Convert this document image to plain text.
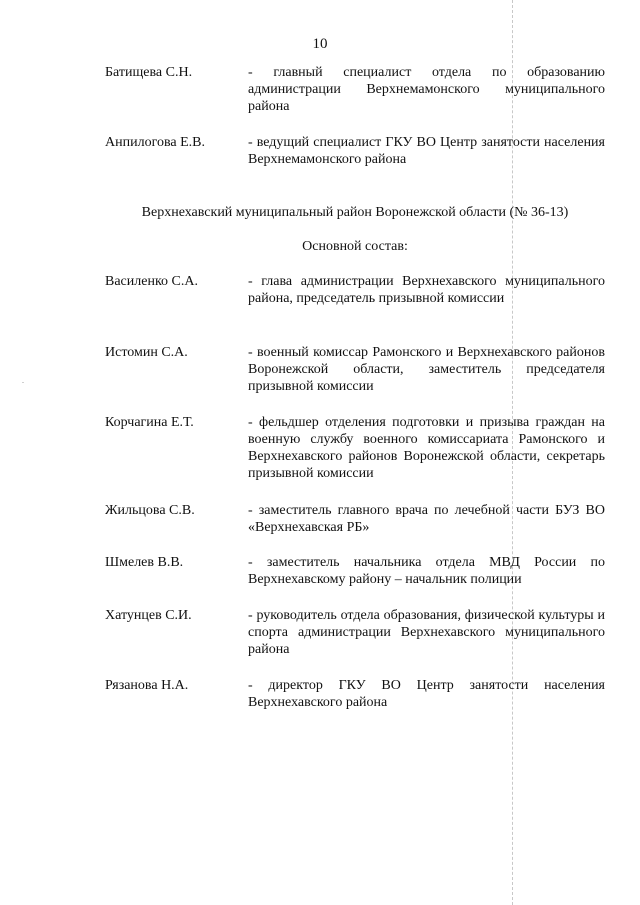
10
Батищева С.Н.	- главный специалист отдела по образованию администрации Верхнемамонского муниципального района
Анпилогова Е.В.	- ведущий специалист ГКУ ВО Центр занятости населения Верхнемамонского района
Верхнехавский муниципальный район Воронежской области (№ 36-13)
Основной состав:
Василенко С.А.	- глава администрации Верхнехавского муниципального района, председатель призывной комиссии
Истомин С.А.	- военный комиссар Рамонского и Верхнехавского районов Воронежской области, заместитель председателя призывной комиссии
Корчагина Е.Т.	- фельдшер отделения подготовки и призыва граждан на военную службу военного комиссариата Рамонского и Верхнехавского районов Воронежской области, секретарь призывной комиссии
Жильцова С.В.	- заместитель главного врача по лечебной части БУЗ ВО «Верхнехавская РБ»
Шмелев В.В.	- заместитель начальника отдела МВД России по Верхнехавскому району – начальник полиции
Хатунцев С.И.	- руководитель отдела образования, физической культуры и спорта администрации Верхнехавского муниципального района
Рязанова Н.А.	- директор ГКУ ВО Центр занятости населения Верхнехавского района
